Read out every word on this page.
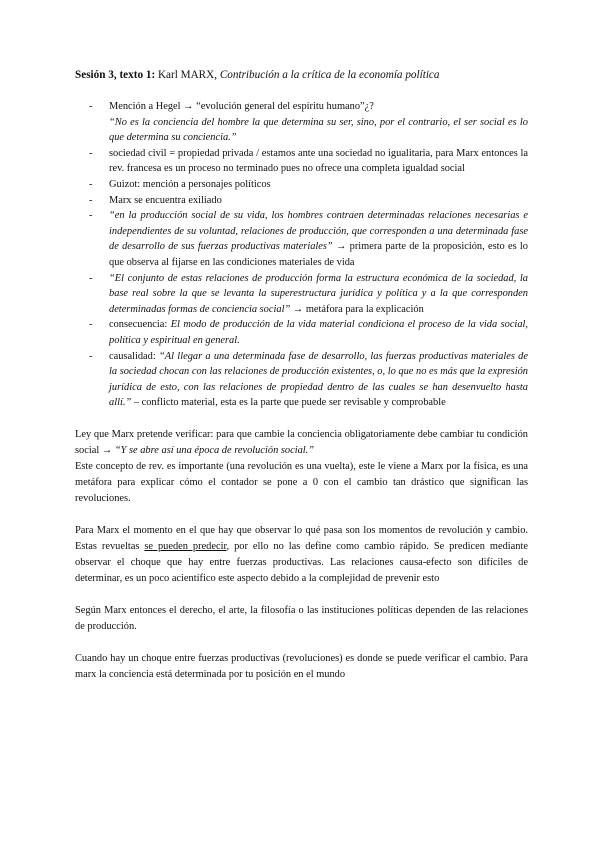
Sesión 3, texto 1: Karl MARX, Contribución a la crítica de la economía política
- Mención a Hegel → “evolución general del espíritu humano”¿?
“No es la conciencia del hombre la que determina su ser, sino, por el contrario, el ser social es lo que determina su conciencia.”
- sociedad civil = propiedad privada / estamos ante una sociedad no igualitaria, para Marx entonces la rev. francesa es un proceso no terminado pues no ofrece una completa igualdad social
- Guizot: mención a personajes políticos
- Marx se encuentra exiliado
- “en la producción social de su vida, los hombres contraen determinadas relaciones necesarias e independientes de su voluntad, relaciones de producción, que corresponden a una determinada fase de desarrollo de sus fuerzas productivas materiales” → primera parte de la proposición, esto es lo que observa al fijarse en las condiciones materiales de vida
- “El conjunto de estas relaciones de producción forma la estructura económica de la sociedad, la base real sobre la que se levanta la superestructura jurídica y política y a la que corresponden determinadas formas de conciencia social” → metáfora para la explicación
- consecuencia: El modo de producción de la vida material condiciona el proceso de la vida social, política y espiritual en general.
- causalidad: “Al llegar a una determinada fase de desarrollo, las fuerzas productivas materiales de la sociedad chocan con las relaciones de producción existentes, o, lo que no es más que la expresión jurídica de esto, con las relaciones de propiedad dentro de las cuales se han desenvuelto hasta allí.” – conflicto material, esta es la parte que puede ser revisable y comprobable

Ley que Marx pretende verificar: para que cambie la conciencia obligatoriamente debe cambiar tu condición social → “Y se abre así una época de revolución social.”

Este concepto de rev. es importante (una revolución es una vuelta), este le viene a Marx por la física, es una metáfora para explicar cómo el contador se pone a 0 con el cambio tan drástico que significan las revoluciones.

Para Marx el momento en el que hay que observar lo qué pasa son los momentos de revolución y cambio. Estas revueltas se pueden predecir, por ello no las define como cambio rápido. Se predicen mediante observar el choque que hay entre fuerzas productivas. Las relaciones causa-efecto son difíciles de determinar, es un poco acientífico este aspecto debido a la complejidad de prevenir esto

Según Marx entonces el derecho, el arte, la filosofía o las instituciones políticas dependen de las relaciones de producción.

Cuando hay un choque entre fuerzas productivas (revoluciones) es donde se puede verificar el cambio. Para marx la conciencia está determinada por tu posición en el mundo
